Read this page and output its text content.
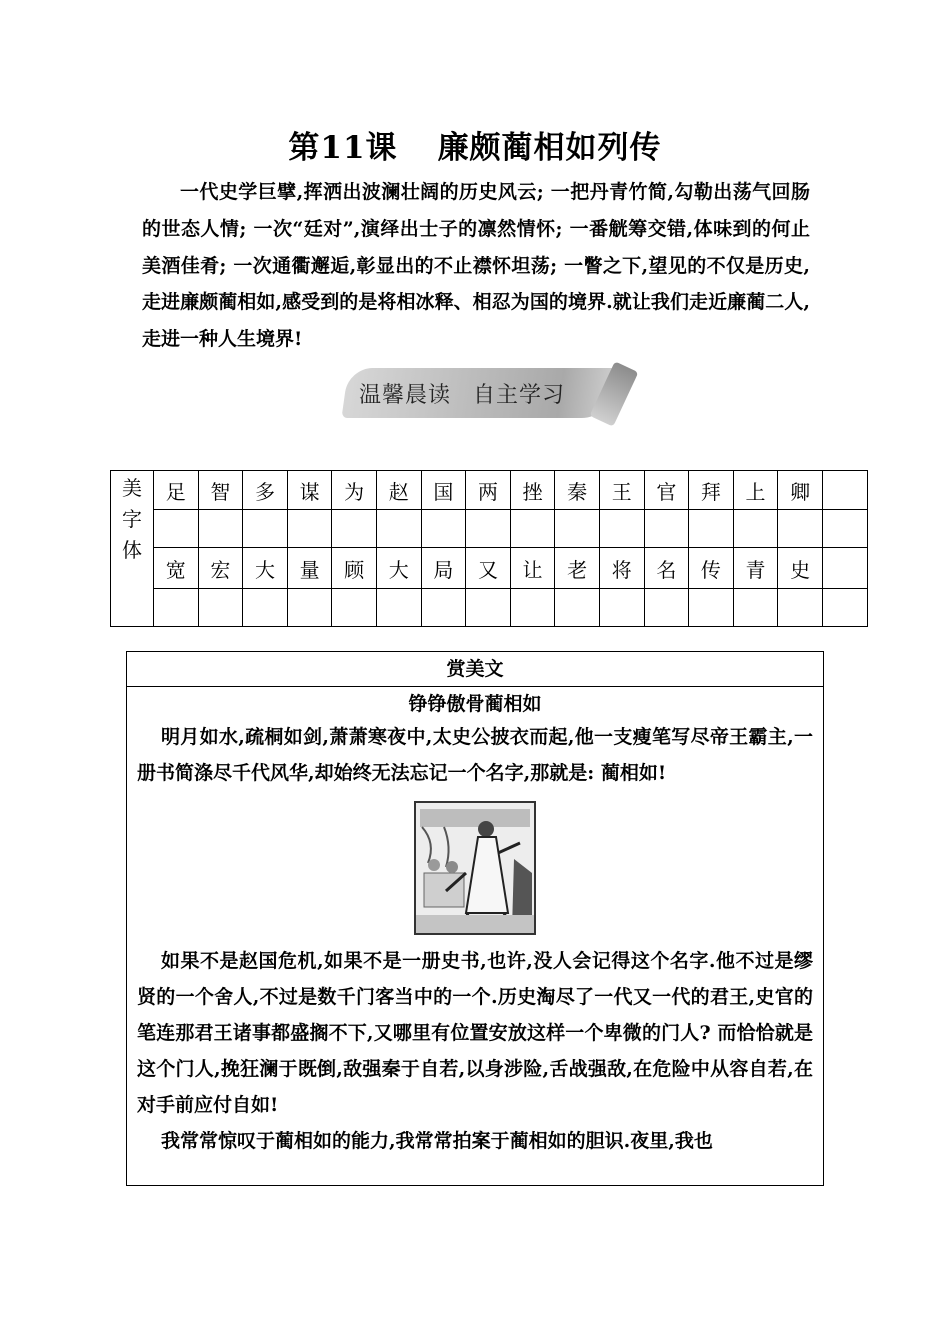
第11课 廉颇蔺相如列传

一代史学巨擘,挥洒出波澜壮阔的历史风云; 一把丹青竹简,勾勒出荡气回肠的世态人情; 一次“廷对”,演绎出士子的凛然情怀; 一番觥筹交错,体味到的何止美酒佳肴; 一次通衢邂逅,彰显出的不止襟怀坦荡; 一瞥之下,望见的不仅是历史,走进廉颇蔺相如,感受到的是将相冰释、相忍为国的境界.就让我们走近廉蔺二人,走进一种人生境界!

温馨晨读 自主学习
美字体	足	智	多	谋	为	赵	国	两	挫	秦	王	官	拜	上	卿	

	宽	宏	大	量	顾	大	局	又	让	老	将	名	传	青	史	

赏美文
铮铮傲骨蔺相如

明月如水,疏桐如剑,萧萧寒夜中,太史公披衣而起,他一支瘦笔写尽帝王霸主,一册书简涤尽千代风华,却始终无法忘记一个名字,那就是: 蔺相如!

如果不是赵国危机,如果不是一册史书,也许,没人会记得这个名字.他不过是缪贤的一个舍人,不过是数千门客当中的一个.历史淘尽了一代又一代的君王,史官的笔连那君王诸事都盛搁不下,又哪里有位置安放这样一个卑微的门人? 而恰恰就是这个门人,挽狂澜于既倒,敌强秦于自若,以身涉险,舌战强敌,在危险中从容自若,在对手前应付自如!

我常常惊叹于蔺相如的能力,我常常拍案于蔺相如的胆识.夜里,我也
